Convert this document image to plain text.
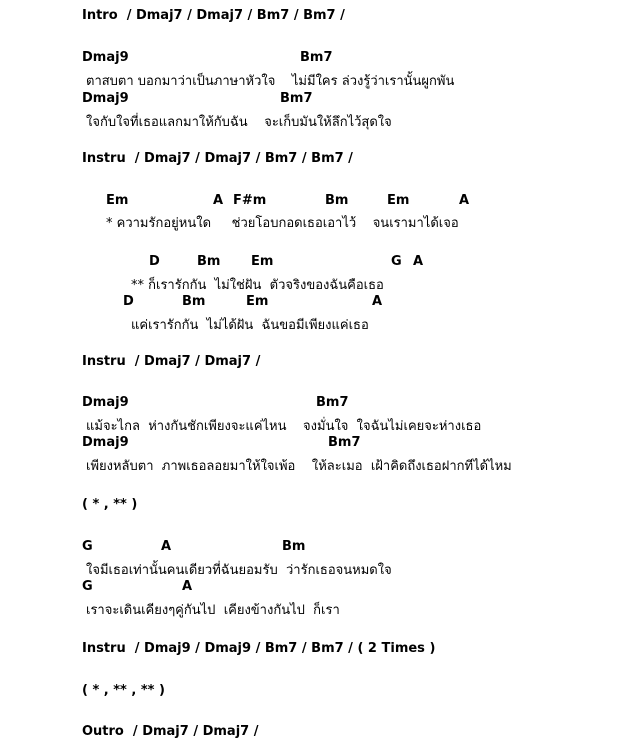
Intro  / Dmaj7 / Dmaj7 / Bm7 / Bm7 /
Dmaj9	Bm7
ตาสบตา บอกมาว่าเป็นภาษาหัวใจ    ไม่มีใคร ล่วงรู้ว่าเรานั้นผูกพัน
Dmaj9	Bm7
ใจกับใจที่เธอแลกมาให้กับฉัน    จะเก็บมันให้ลึกไว้สุดใจ
Instru  / Dmaj7 / Dmaj7 / Bm7 / Bm7 /
Em	A F#m	Bm	Em	A
* ความรักอยู่หนใด     ช่วยโอบกอดเธอเอาไว้    จนเรามาได้เจอ
D	Bm Em	G A
** ก็เรารักกัน  ไม่ใช่ฝัน  ตัวจริงของฉันคือเธอ
D	Bm	Em	A
แค่เรารักกัน  ไม่ได้ฝัน  ฉันขอมีเพียงแค่เธอ
Instru  / Dmaj7 / Dmaj7 /
Dmaj9	Bm7
แม้จะไกล  ห่างกันชักเพียงจะแค่ไหน    จงมั่นใจ  ใจฉันไม่เคยจะห่างเธอ
Dmaj9	Bm7
เพียงหลับตา  ภาพเธอลอยมาให้ใจเพ้อ    ให้ละเมอ  เฝ้าคิดถึงเธอฝากทีได้ไหม
( * , ** )
G	A	Bm
ใจมีเธอเท่านั้นคนเดียวที่ฉันยอมรับ  ว่ารักเธอจนหมดใจ
G	A
เราจะเดินเคียงๆคู่กันไป  เคียงข้างกันไป  ก็เรา
Instru  / Dmaj9 / Dmaj9 / Bm7 / Bm7 / ( 2 Times )
( * , ** , ** )
Outro  / Dmaj7 / Dmaj7 /
